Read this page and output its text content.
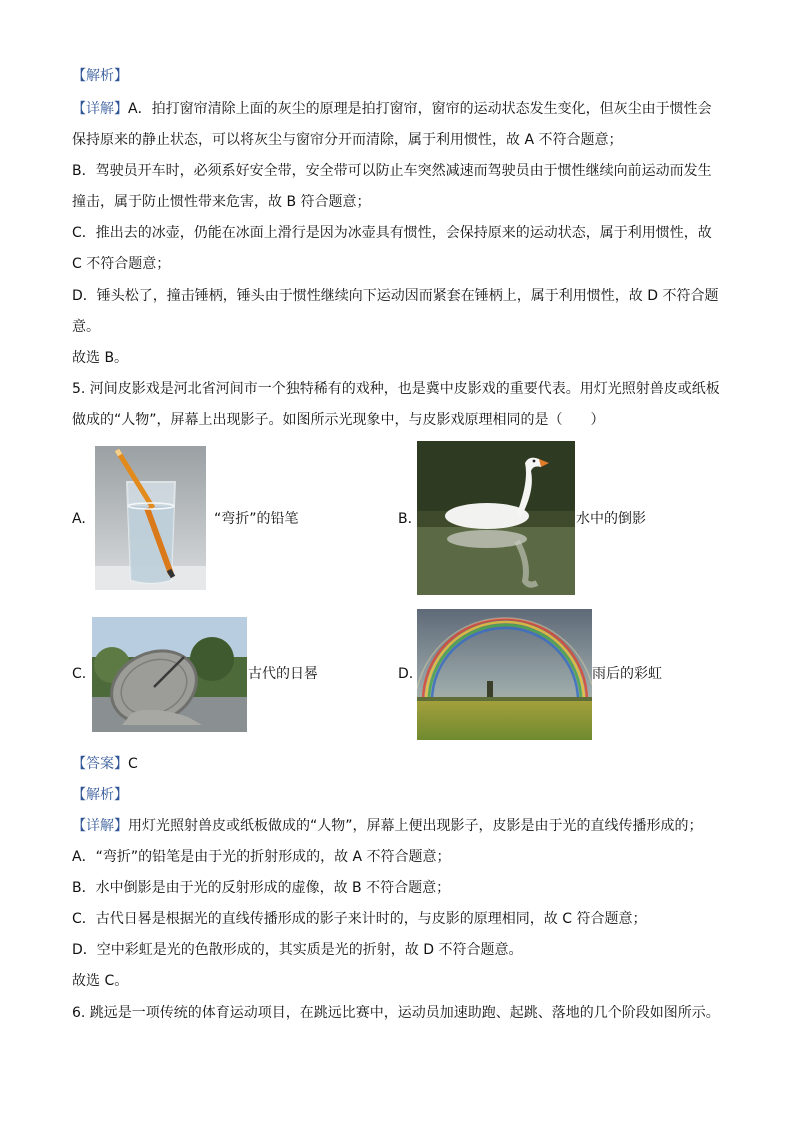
【解析】
【详解】A．拍打窗帘清除上面的灰尘的原理是拍打窗帘，窗帘的运动状态发生变化，但灰尘由于惯性会
保持原来的静止状态，可以将灰尘与窗帘分开而清除，属于利用惯性，故 A 不符合题意；
B．驾驶员开车时，必须系好安全带，安全带可以防止车突然减速而驾驶员由于惯性继续向前运动而发生
撞击，属于防止惯性带来危害，故 B 符合题意；
C．推出去的冰壶，仍能在冰面上滑行是因为冰壶具有惯性，会保持原来的运动状态，属于利用惯性，故
C 不符合题意；
D．锤头松了，撞击锤柄，锤头由于惯性继续向下运动因而紧套在锤柄上，属于利用惯性，故 D 不符合题
意。
故选 B。
5. 河间皮影戏是河北省河间市一个独特稀有的戏种，也是冀中皮影戏的重要代表。用灯光照射兽皮或纸板
做成的“人物”，屏幕上出现影子。如图所示光现象中，与皮影戏原理相同的是（　　）
A.	“弯折”的铅笔	B.	水中的倒影
C.	古代的日晷	D.	雨后的彩虹
【答案】C
【解析】
【详解】用灯光照射兽皮或纸板做成的“人物”，屏幕上便出现影子，皮影是由于光的直线传播形成的；
A．“弯折”的铅笔是由于光的折射形成的，故 A 不符合题意；
B．水中倒影是由于光的反射形成的虚像，故 B 不符合题意；
C．古代日晷是根据光的直线传播形成的影子来计时的，与皮影的原理相同，故 C 符合题意；
D．空中彩虹是光的色散形成的，其实质是光的折射，故 D 不符合题意。
故选 C。
6. 跳远是一项传统的体育运动项目，在跳远比赛中，运动员加速助跑、起跳、落地的几个阶段如图所示。
